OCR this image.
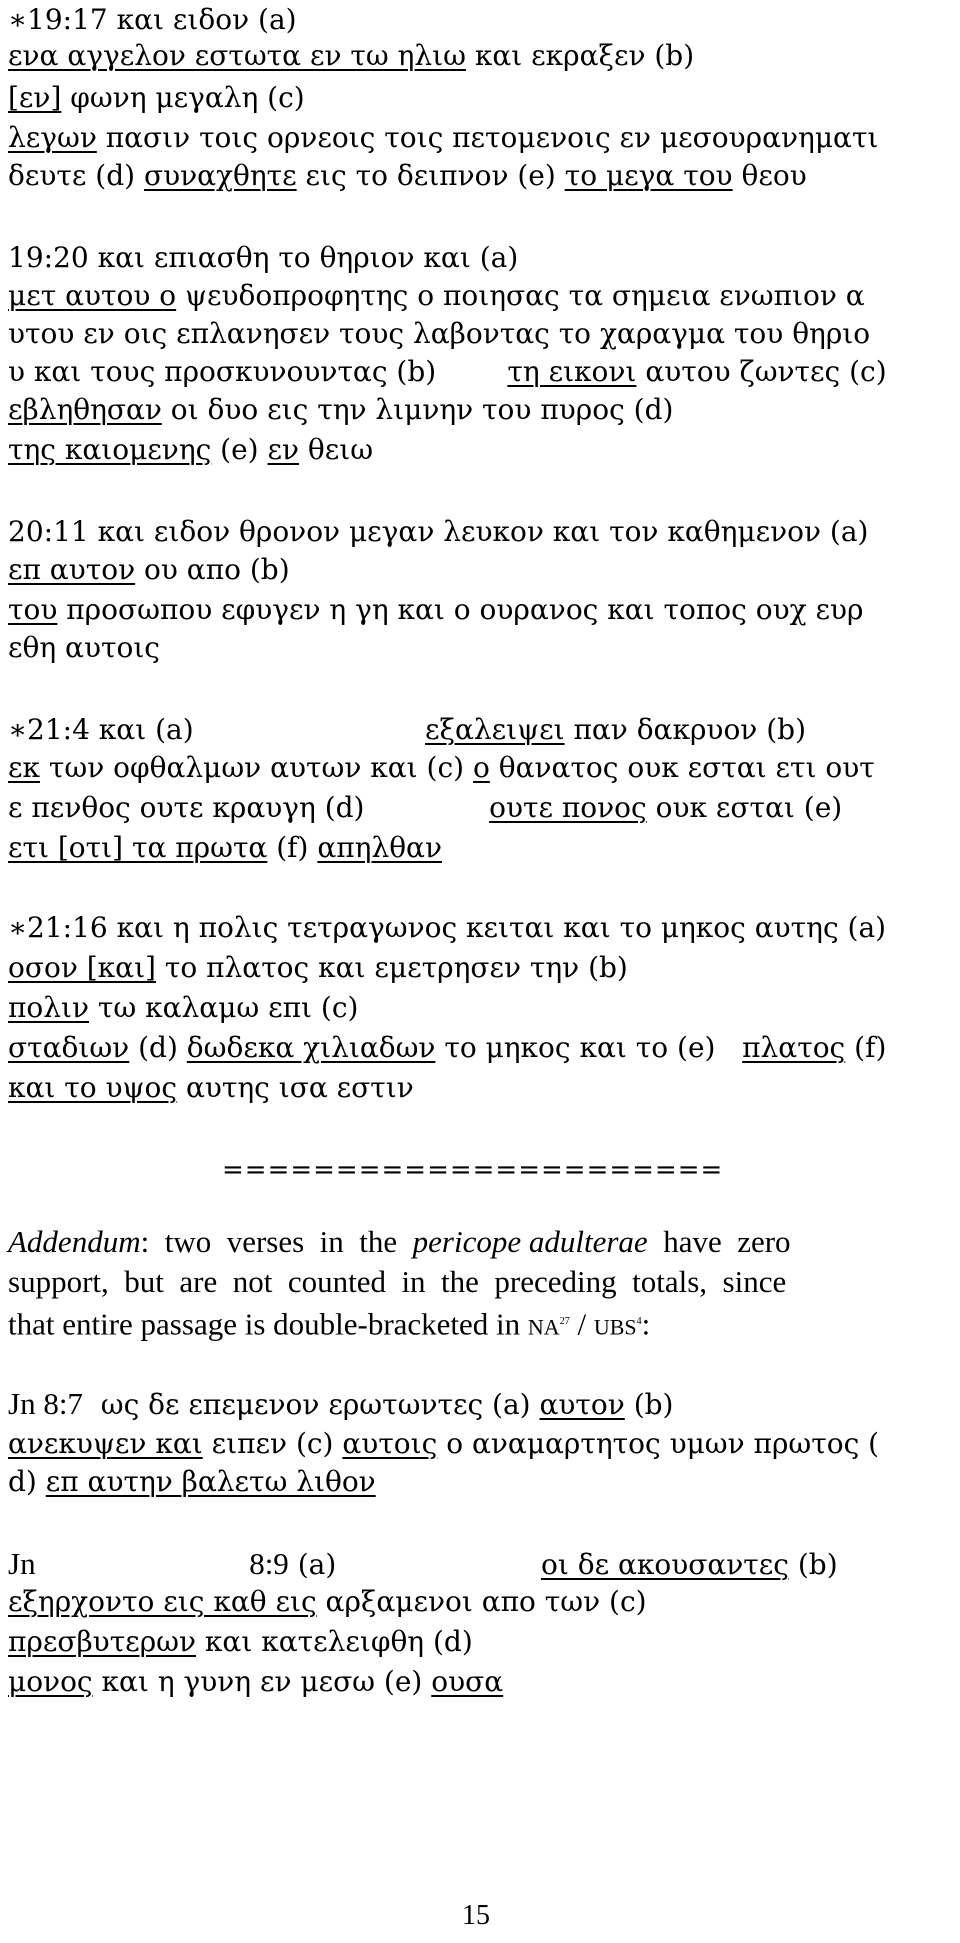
∗19:17 και ειδον (a)
ενα αγγελον εστωτα εν τω ηλιω και εκραξεν (b)
[εν] φωνη μεγαλη (c)
λεγων πασιν τοις ορνεοις τοις πετομενοις εν μεσουρανηματι
δευτε (d) συναχθητε εις το δειπνον (e) το μεγα του θεου
19:20 και επιασθη το θηριον και (a)
μετ αυτου ο ψευδοπροφητης ο ποιησας τα σημεια ενωπιον α
υτου εν οις επλανησεν τους λαβοντας το χαραγμα του θηριο
υ και τους προσκυνουντας (b)        τη εικονι αυτου ζωντες (c)
εβληθησαν οι δυο εις την λιμνην του πυρος (d)
της καιομενης (e) εν θειω
20:11 και ειδον θρονον μεγαν λευκον και τον καθημενον (a)
επ αυτον ου απο (b)
του προσωπου εφυγεν η γη και ο ουρανος και τοπος ουχ ευρ
εθη αυτοις
∗21:4 και (a)                          εξαλειψει παν δακρυον (b)
εκ των οφθαλμων αυτων και (c) ο θανατος ουκ εσται ετι ουτ
ε πενθος ουτε κραυγη (d)              ουτε πονος ουκ εσται (e)
ετι [οτι] τα πρωτα (f) απηλθαν
∗21:16 και η πολις τετραγωνος κειται και το μηκος αυτης (a)
οσον [και] το πλατος και εμετρησεν την (b)
πολιν τω καλαμω επι (c)
σταδιων (d) δωδεκα χιλιαδων το μηκος και το (e)   πλατος (f)
και το υψος αυτης ισα εστιν
======================
Addendum:  two  verses  in  the  pericope adulterae  have  zero
support,  but  are  not  counted  in  the  preceding  totals,  since
that entire passage is double-bracketed in NA$^{27}$ / UBS$^4$:
Jn 8:7  ως δε επεμενον ερωτωντες (a) αυτον (b)
ανεκυψεν και ειπεν (c) αυτοις ο αναμαρτητος υμων πρωτος (
d) επ αυτην βαλετω λιθον
Jn	8:9 (a)                       οι δε ακουσαντες (b)
εξηρχοντο εις καθ εις αρξαμενοι απο των (c)
πρεσβυτερων και κατελειφθη (d)
μονος και η γυνη εν μεσω (e) ουσα
15
